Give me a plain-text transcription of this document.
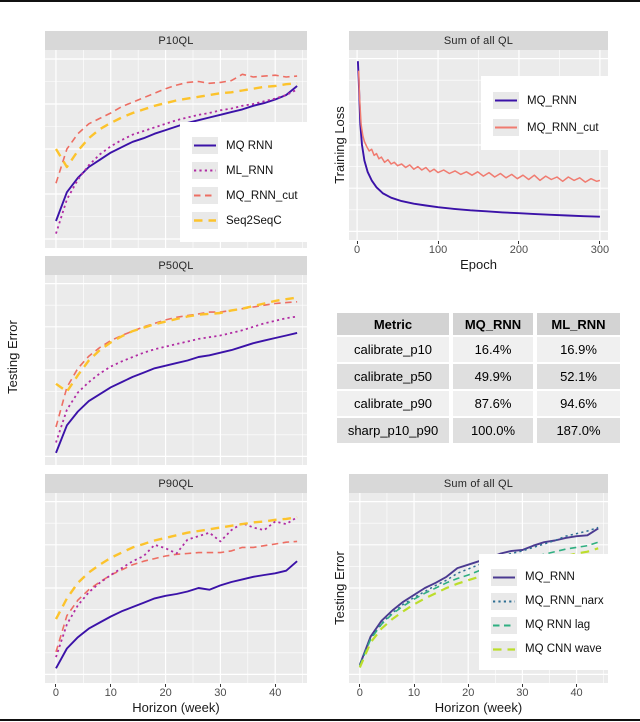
Testing Error
Training Loss
Testing Error
P10QL
MQ RNN
ML_RNN
MQ_RNN_cut
Seq2SeqC
Sum of all QL
0	100	200	300
Epoch
MQ_RNN
MQ_RNN_cut
P50QL
Metric	MQ_RNN	ML_RNN
calibrate_p10	16.4%	16.9%
calibrate_p50	49.9%	52.1%
calibrate_p90	87.6%	94.6%
sharp_p10_p90	100.0%	187.0%
P90QL
0	10	20	30	40
Horizon (week)
Sum of all QL
0	10	20	30	40
Horizon (week)
MQ_RNN
MQ_RNN_narx
MQ RNN lag
MQ CNN wave
